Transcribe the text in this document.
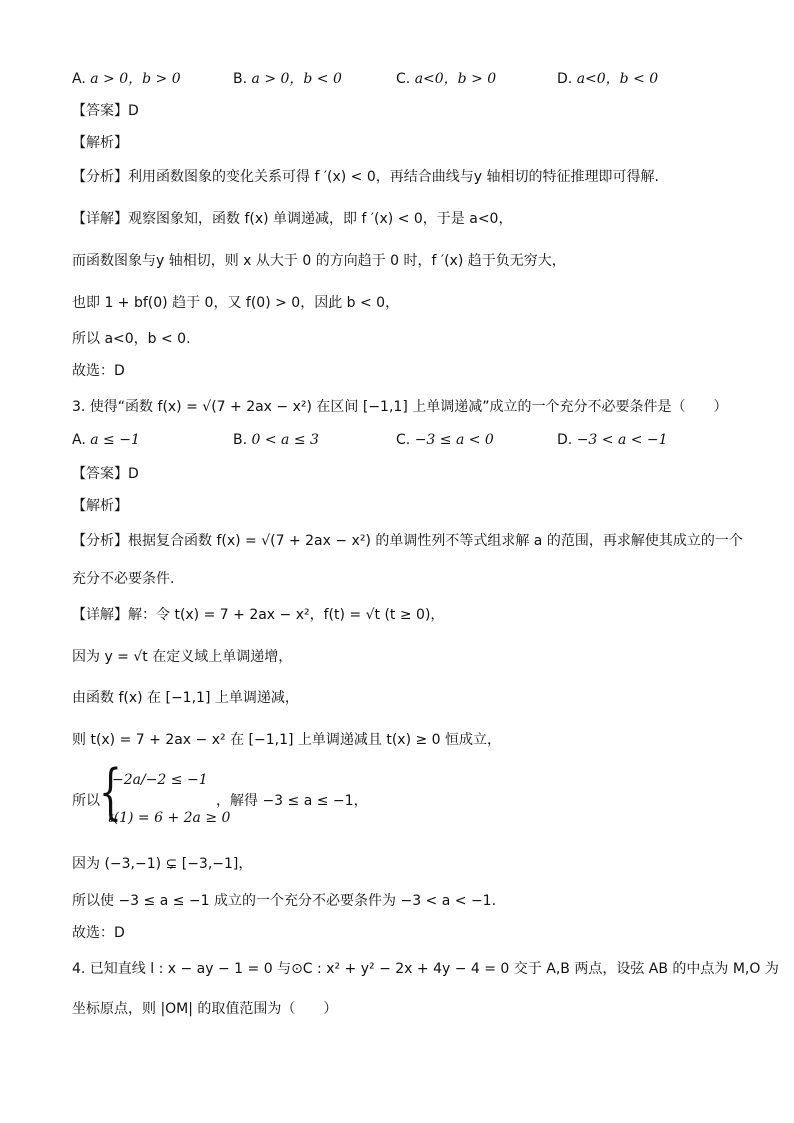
A. a > 0，b > 0	B. a > 0，b < 0	C. a<0，b > 0	D. a<0，b < 0
【答案】D
【解析】
【分析】利用函数图象的变化关系可得 f ′(x) < 0，再结合曲线与y 轴相切的特征推理即可得解.
【详解】观察图象知，函数 f(x) 单调递减，即 f ′(x) < 0，于是 a<0，
而函数图象与y 轴相切，则 x 从大于 0 的方向趋于 0 时，f ′(x) 趋于负无穷大，
也即 1 + bf(0) 趋于 0，又 f(0) > 0，因此 b < 0，
所以 a<0，b < 0.
故选：D
3. 使得“函数 f(x) = √(7 + 2ax − x²) 在区间 [−1,1] 上单调递减”成立的一个充分不必要条件是（　　）
A. a ≤ −1	B. 0 < a ≤ 3	C. −3 ≤ a < 0	D. −3 < a < −1
【答案】D
【解析】
【分析】根据复合函数 f(x) = √(7 + 2ax − x²) 的单调性列不等式组求解 a 的范围，再求解使其成立的一个
充分不必要条件.
【详解】解：令 t(x) = 7 + 2ax − x²，f(t) = √t (t ≥ 0)，
因为 y = √t 在定义域上单调递增，
由函数 f(x) 在 [−1,1] 上单调递减，
则 t(x) = 7 + 2ax − x² 在 [−1,1] 上单调递减且 t(x) ≥ 0 恒成立，
所以 {
−2a/−2 ≤ −1
t(1) = 6 + 2a ≥ 0
，解得 −3 ≤ a ≤ −1，
因为 (−3,−1) ⊊ [−3,−1]，
所以使 −3 ≤ a ≤ −1 成立的一个充分不必要条件为 −3 < a < −1.
故选：D
4. 已知直线 l : x − ay − 1 = 0 与⊙C : x² + y² − 2x + 4y − 4 = 0 交于 A,B 两点，设弦 AB 的中点为 M,O 为
坐标原点，则 |OM| 的取值范围为（　　）
